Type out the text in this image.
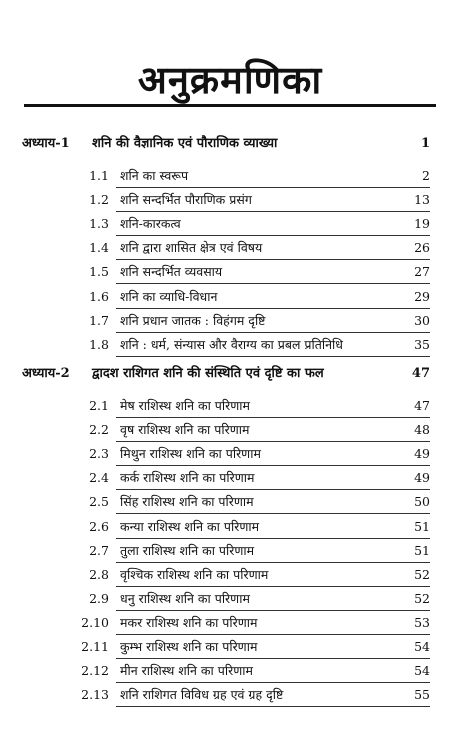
अनुक्रमणिका
अध्याय-1 शनि की वैज्ञानिक एवं पौराणिक व्याख्या	1
1.1 शनि का स्वरूप	2
1.2 शनि सन्दर्भित पौराणिक प्रसंग	13
1.3 शनि-कारकत्व	19
1.4 शनि द्वारा शासित क्षेत्र एवं विषय	26
1.5 शनि सन्दर्भित व्यवसाय	27
1.6 शनि का व्याधि-विधान	29
1.7 शनि प्रधान जातक : विहंगम दृष्टि	30
1.8 शनि : धर्म, संन्यास और वैराग्य का प्रबल प्रतिनिधि	35
अध्याय-2 द्वादश राशिगत शनि की संस्थिति एवं दृष्टि का फल	47
2.1 मेष राशिस्थ शनि का परिणाम	47
2.2 वृष राशिस्थ शनि का परिणाम	48
2.3 मिथुन राशिस्थ शनि का परिणाम	49
2.4 कर्क राशिस्थ शनि का परिणाम	49
2.5 सिंह राशिस्थ शनि का परिणाम	50
2.6 कन्या राशिस्थ शनि का परिणाम	51
2.7 तुला राशिस्थ शनि का परिणाम	51
2.8 वृश्चिक राशिस्थ शनि का परिणाम	52
2.9 धनु राशिस्थ शनि का परिणाम	52
2.10 मकर राशिस्थ शनि का परिणाम	53
2.11 कुम्भ राशिस्थ शनि का परिणाम	54
2.12 मीन राशिस्थ शनि का परिणाम	54
2.13 शनि राशिगत विविध ग्रह एवं ग्रह दृष्टि	55
